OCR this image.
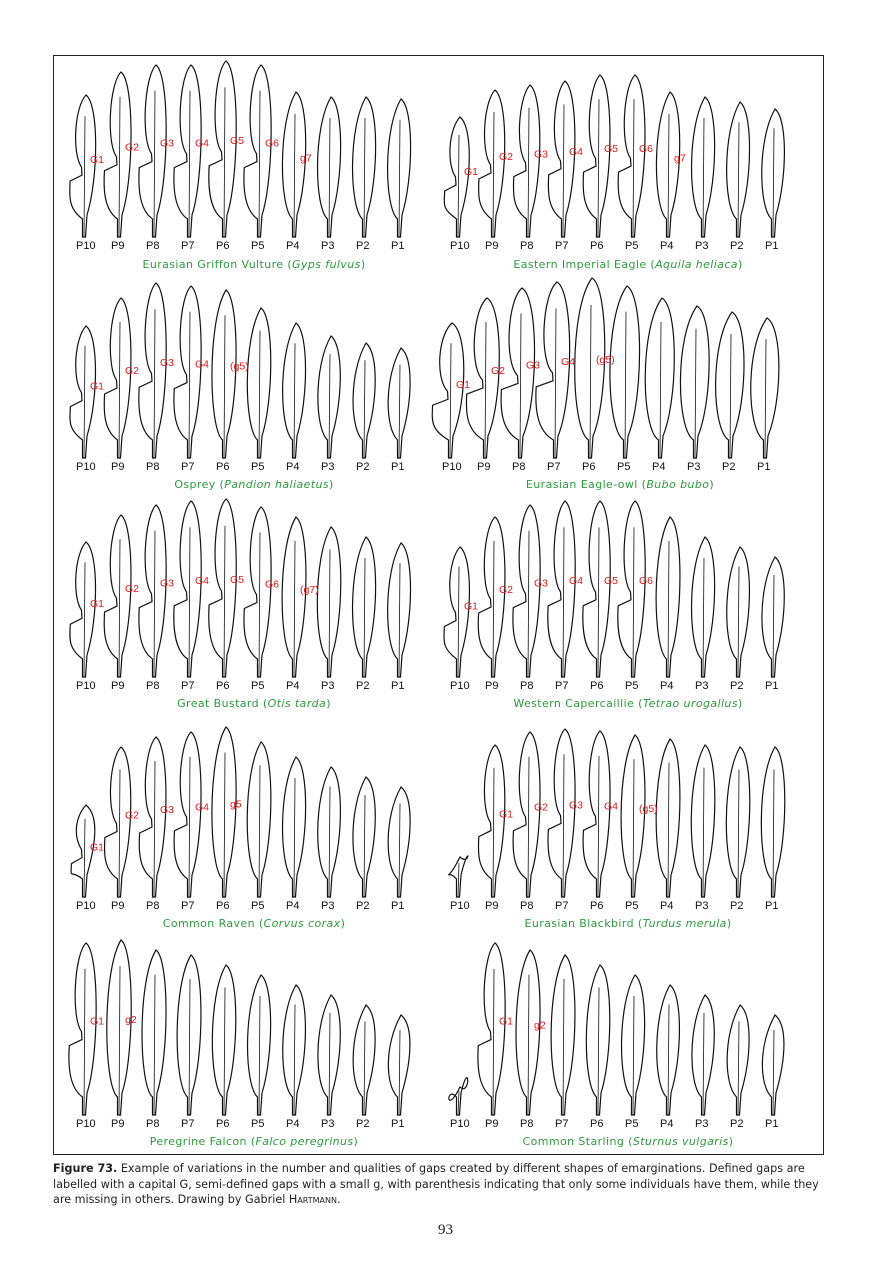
P10 P9 P8 P7 P6 P5 P4 P3 P2 P1
G1
G2 G3 G4 G5 G6
g7
Eurasian Griffon Vulture (Gyps fulvus)
P10 P9 P8 P7 P6 P5 P4 P3 P2 P1
G1
G2 G3 G4 G5 G6
g7
Eastern Imperial Eagle (Aquila heliaca)
P10 P9 P8 P7 P6 P5 P4 P3 P2 P1
G1
G2
G3 G4 (g5)
Osprey (Pandion haliaetus)
P10 P9 P8 P7 P6 P5 P4 P3 P2 P1
G1
G2 G3 G4 (g5)
Eurasian Eagle-owl (Bubo bubo)
P10 P9 P8 P7 P6 P5 P4 P3 P2 P1
G1
G2 G3 G4 G5 G6 (g7)
Great Bustard (Otis tarda)
P10 P9 P8 P7 P6 P5 P4 P3 P2 P1
G1
G2
G3 G4 G5 G6
Western Capercaillie (Tetrao urogallus)
P10 P9 P8 P7 P6 P5 P4 P3 P2 P1
G1
G2 G3 G4 g5
Common Raven (Corvus corax)
P10 P9 P8 P7 P6 P5 P4 P3 P2 P1
G1
G2 G3 G4 (g5)
Eurasian Blackbird (Turdus merula)
P10 P9 P8 P7 P6 P5 P4 P3 P2 P1
G1 g2
Peregrine Falcon (Falco peregrinus)
P10 P9 P8 P7 P6 P5 P4 P3 P2 P1
G1 g2
Common Starling (Sturnus vulgaris)
Figure 73. Example of variations in the number and qualities of gaps created by different shapes of emarginations. Defined gaps are labelled with a capital G, semi-defined gaps with a small g, with parenthesis indicating that only some individuals have them, while they are missing in others. Drawing by Gabriel Hartmann.
93
